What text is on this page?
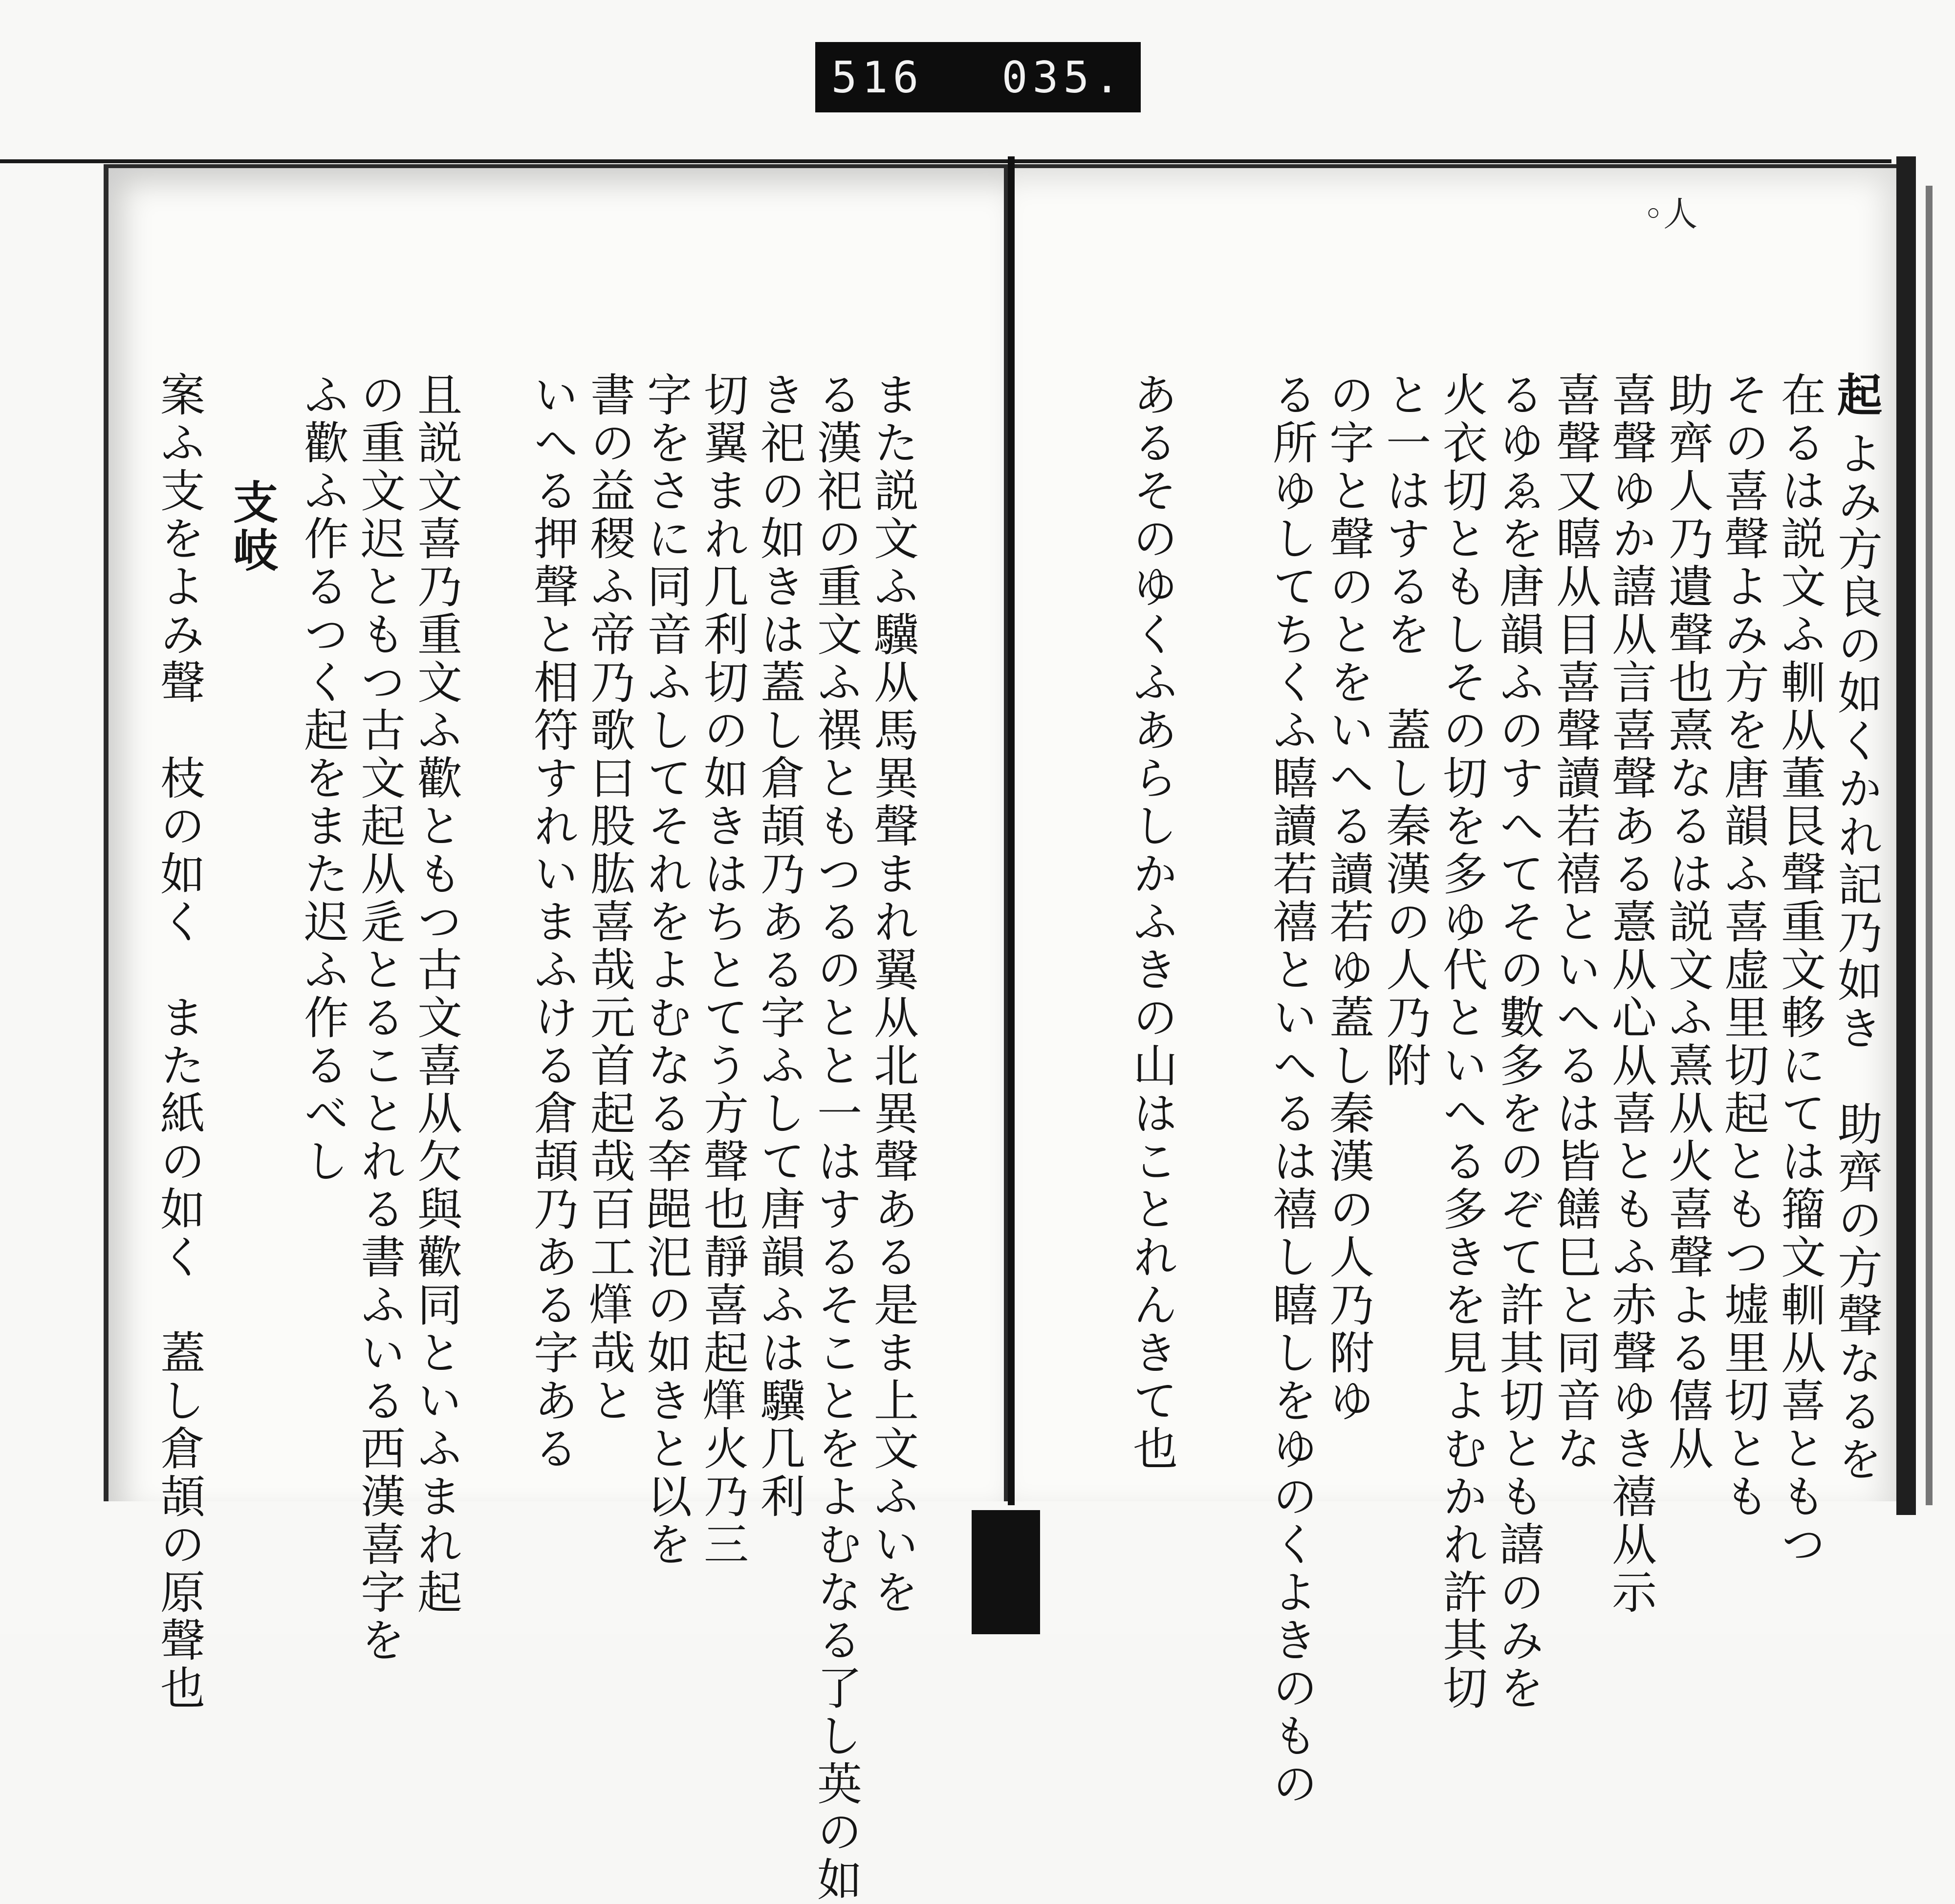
516 035.
◦人
起
よみ方良の如くかれ記乃如き　助齊の方聲なるを
在るは説文ふ䡅从董艮聲重文䡔にては籀文䡅从喜ともつ
その喜聲よみ方を唐韻ふ喜虚里切起ともつ墟里切とも
助齊人乃遺聲也熹なるは説文ふ熹从火喜聲よる僖从
喜聲ゆか譆从言喜聲ある憙从心从喜ともふ赤聲ゆき禧从示
喜聲又瞦从目喜聲讀若禧といへるは皆饍巳と同音な
るゆゑを唐韻ふのすへてその數多をのぞて許其切とも譆のみを
火衣切ともしその切を多ゆ代といへる多きを見よむかれ許其切
と一はするを　蓋し秦漢の人乃附
の字と聲のとをいへる讀若ゆ蓋し秦漢の人乃附ゆ
る所ゆしてちくふ瞦讀若禧といへるは禧し瞦しをゆのくよきのもの
あるそのゆくふあらしかふきの山はことれんきて也
また説文ふ驥从馬異聲まれ翼从北異聲ある是ま上文ふいを
る漢祀の重文ふ禩ともつるのとと一はするそことをよむなる了し英の如
き祀の如きは蓋し倉頡乃ある字ふして唐韻ふは驥几利
切翼まれ几利切の如きはちとてう方聲也靜喜起𤏫火乃三
字をさに同音ふしてそれをよむなる㚔䣈汜の如きと以を
書の益稷ふ帝乃歌曰股肱喜哉元首起哉百工𤏫哉と
いへる押聲と相符すれいまふける倉頡乃ある字ある
且説文喜乃重文ふ歡ともつ古文喜从欠與歡同といふまれ起
の重文迟ともつ古文起从辵とることれる書ふいる西漢喜字を
ふ歡ふ作るつく起をまた迟ふ作るべし
支岐
案ふ支をよみ聲　枝の如く　また紙の如く　蓋し倉頡の原聲也
